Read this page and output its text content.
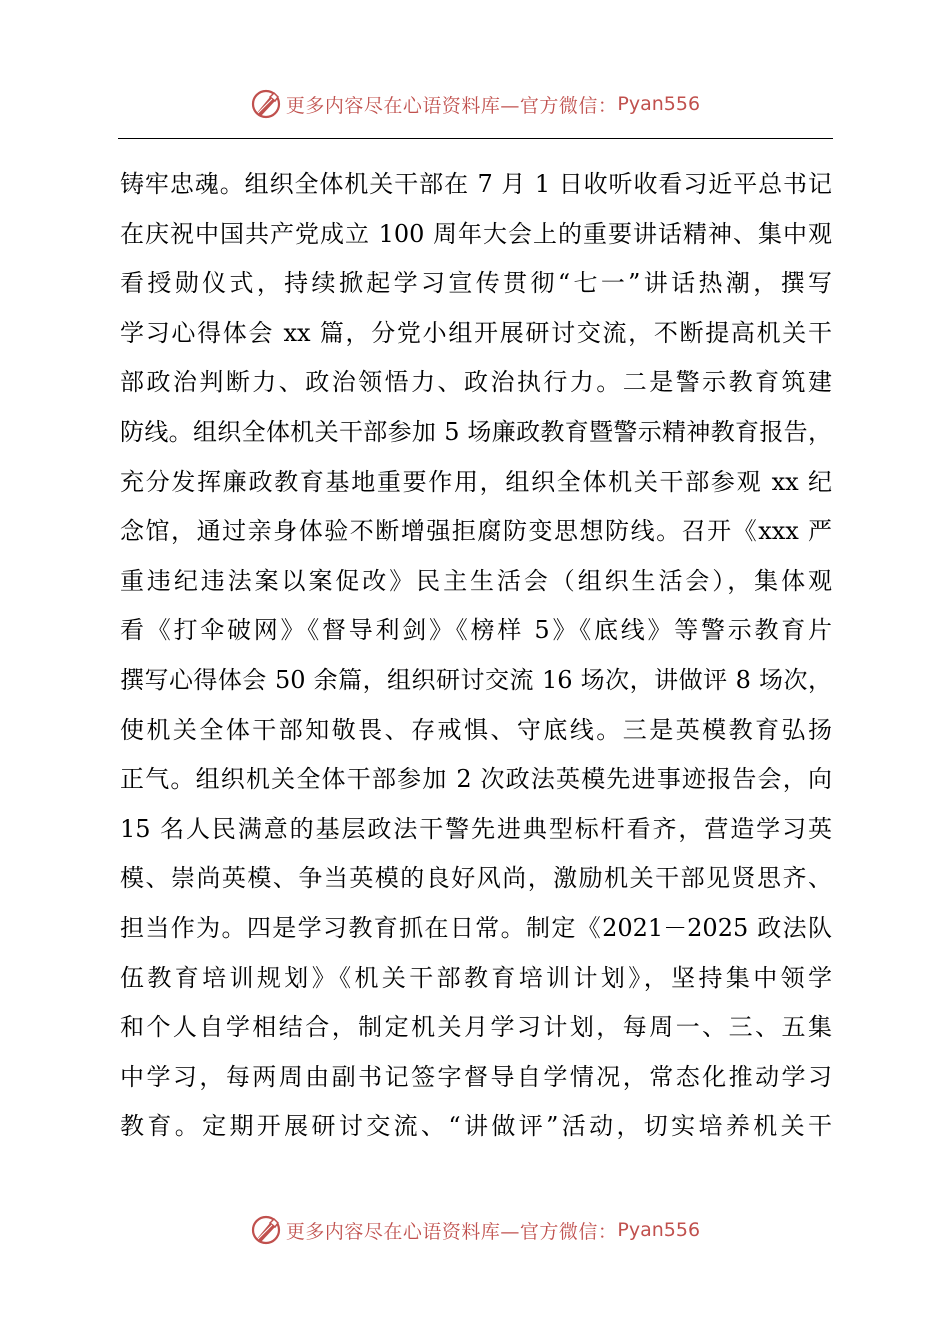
更多内容尽在心语资料库—官方微信： Pyan556
铸牢忠魂。组织全体机关干部在 7 月 1 日收听收看习近平总书记
在庆祝中国共产党成立 100 周年大会上的重要讲话精神、集中观
看授勋仪式，持续掀起学习宣传贯彻“七一”讲话热潮，撰写
学习心得体会 xx 篇，分党小组开展研讨交流，不断提高机关干
部政治判断力、政治领悟力、政治执行力。二是警示教育筑建
防线。组织全体机关干部参加 5 场廉政教育暨警示精神教育报告，
充分发挥廉政教育基地重要作用，组织全体机关干部参观 xx 纪
念馆，通过亲身体验不断增强拒腐防变思想防线。召开《xxx 严
重违纪违法案以案促改》民主生活会（组织生活会），集体观
看《打伞破网》《督导利剑》《榜样 5》《底线》等警示教育片
撰写心得体会 50 余篇，组织研讨交流 16 场次，讲做评 8 场次，
使机关全体干部知敬畏、存戒惧、守底线。三是英模教育弘扬
正气。组织机关全体干部参加 2 次政法英模先进事迹报告会，向
15 名人民满意的基层政法干警先进典型标杆看齐，营造学习英
模、崇尚英模、争当英模的良好风尚，激励机关干部见贤思齐、
担当作为。四是学习教育抓在日常。制定《2021－2025 政法队
伍教育培训规划》《机关干部教育培训计划》，坚持集中领学
和个人自学相结合，制定机关月学习计划，每周一、三、五集
中学习，每两周由副书记签字督导自学情况，常态化推动学习
教育。定期开展研讨交流、“讲做评”活动，切实培养机关干
更多内容尽在心语资料库—官方微信： Pyan556
